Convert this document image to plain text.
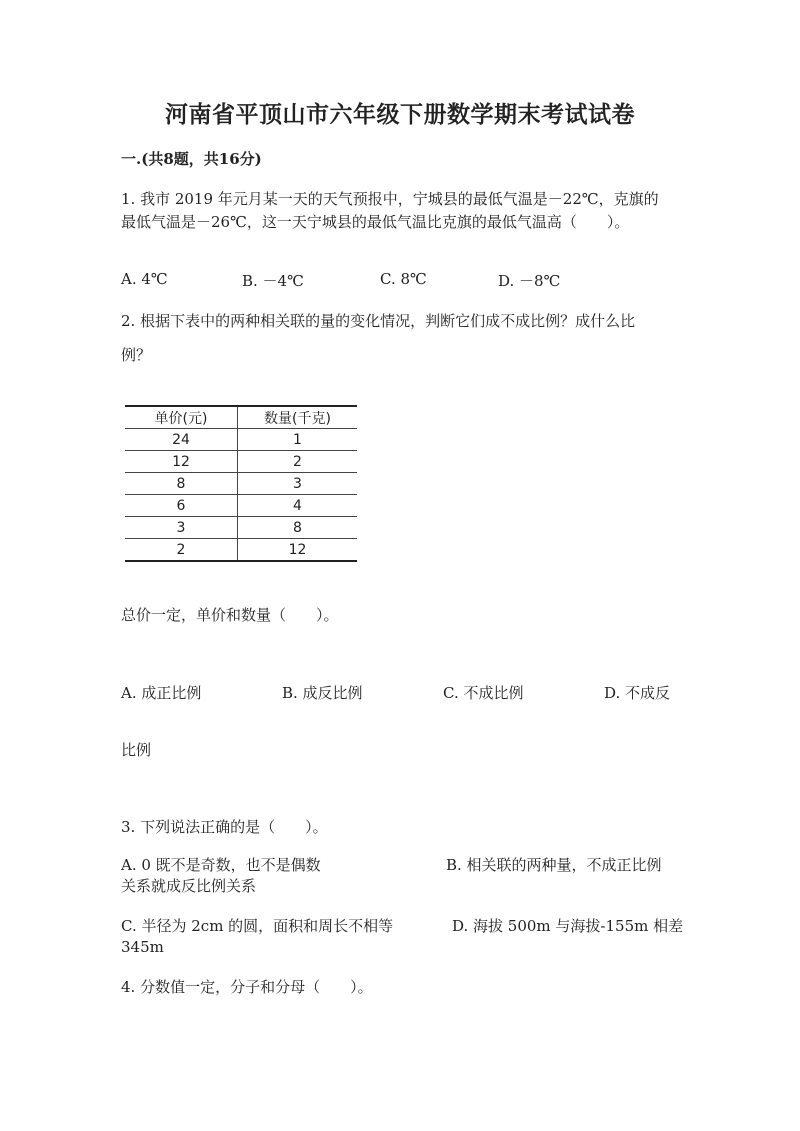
河南省平顶山市六年级下册数学期末考试试卷
一.(共8题，共16分)
1. 我市 2019 年元月某一天的天气预报中，宁城县的最低气温是－22℃，克旗的
最低气温是－26℃，这一天宁城县的最低气温比克旗的最低气温高（　　）。
A. 4℃	B. －4℃	C. 8℃	D. －8℃
2. 根据下表中的两种相关联的量的变化情况，判断它们成不成比例？成什么比
例？
单价(元)	数量(千克)
24	1
12	2
8	3
6	4
3	8
2	12
总价一定，单价和数量（　　）。
A. 成正比例	B. 成反比例	C. 不成比例	D. 不成反
比例
3. 下列说法正确的是（　　）。
A. 0 既不是奇数，也不是偶数	B. 相关联的两种量，不成正比例
关系就成反比例关系
C. 半径为 2cm 的圆，面积和周长不相等	D. 海拔 500m 与海拔-155m 相差
345m
4. 分数值一定，分子和分母（　　）。
